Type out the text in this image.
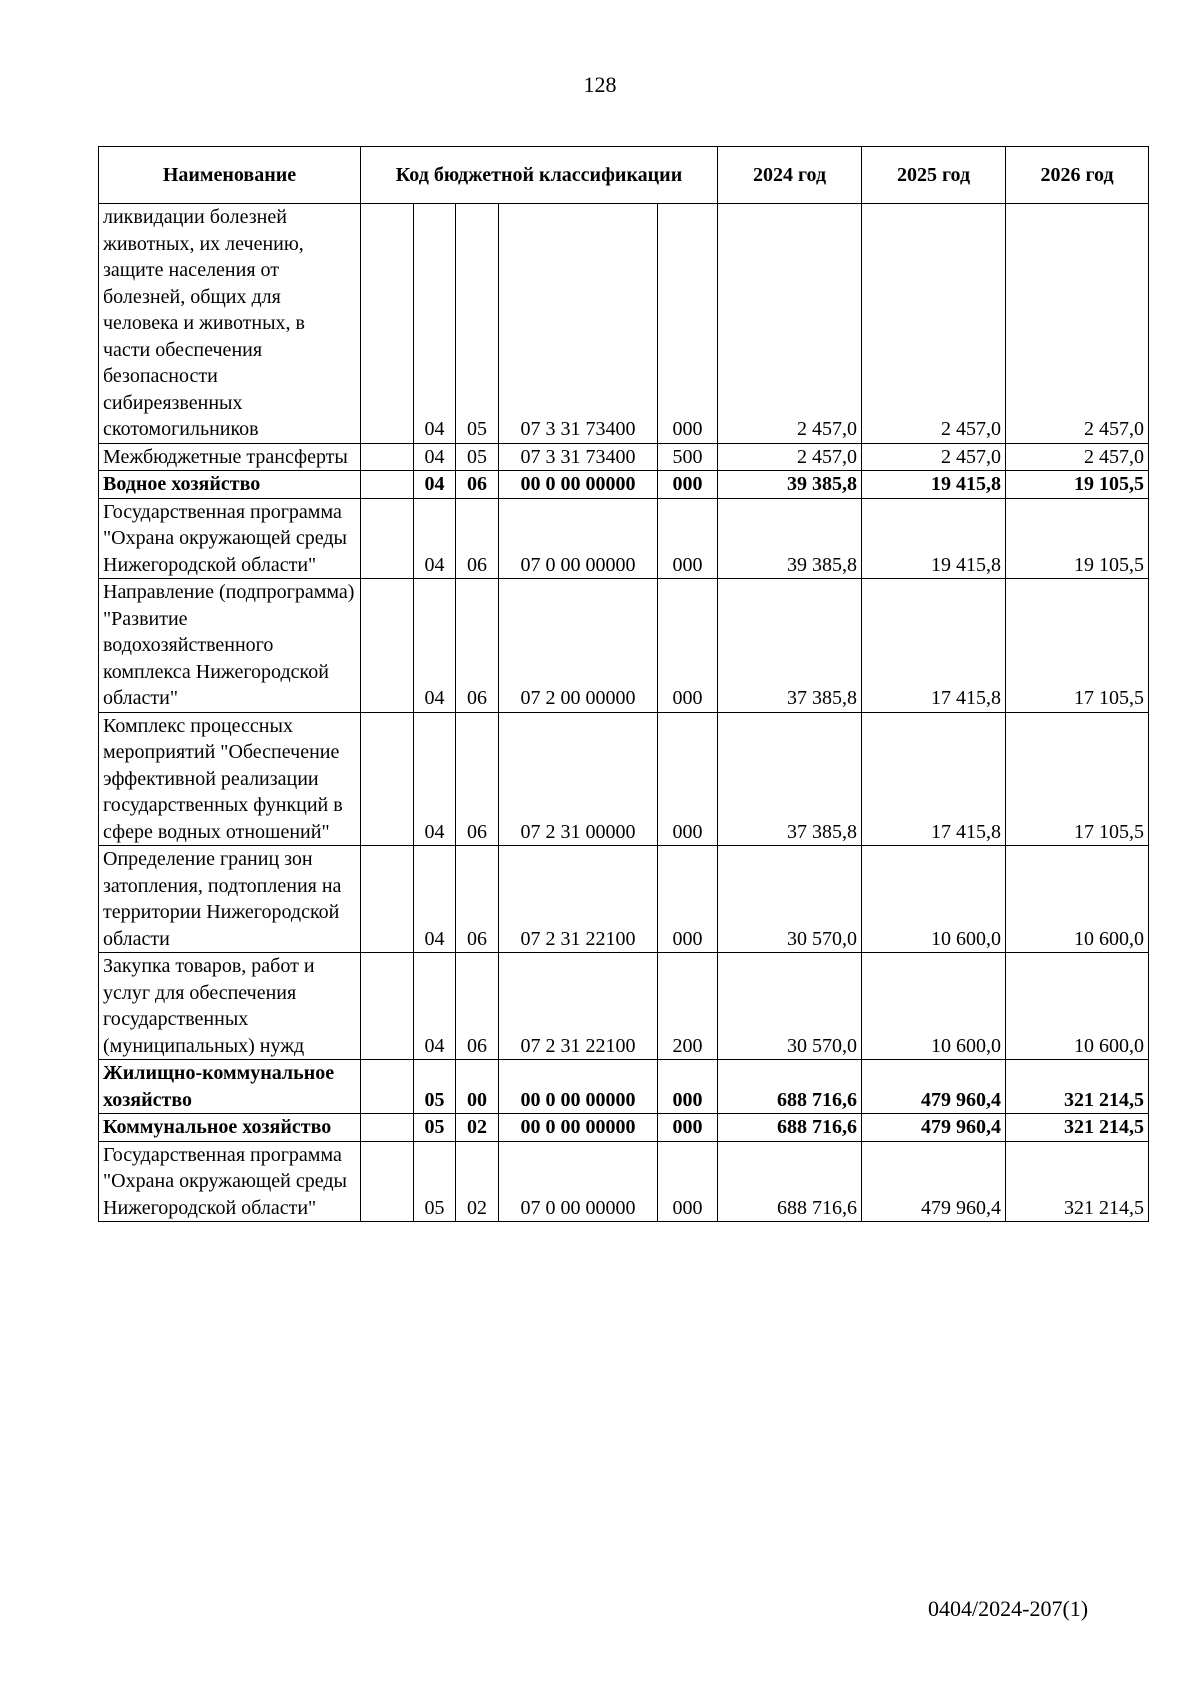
128
Наименование	Код бюджетной классификации					2024 год	2025 год	2026 год
ликвидации болезней животных, их лечению, защите населения от болезней, общих для человека и животных, в части обеспечения безопасности сибиреязвенных скотомогильников		04	05	07 3 31 73400	000	2 457,0	2 457,0	2 457,0
Межбюджетные трансферты		04	05	07 3 31 73400	500	2 457,0	2 457,0	2 457,0
Водное хозяйство		04	06	00 0 00 00000	000	39 385,8	19 415,8	19 105,5
Государственная программа "Охрана окружающей среды Нижегородской области"		04	06	07 0 00 00000	000	39 385,8	19 415,8	19 105,5
Направление (подпрограмма) "Развитие водохозяйственного комплекса Нижегородской области"		04	06	07 2 00 00000	000	37 385,8	17 415,8	17 105,5
Комплекс процессных мероприятий "Обеспечение эффективной реализации государственных функций в сфере водных отношений"		04	06	07 2 31 00000	000	37 385,8	17 415,8	17 105,5
Определение границ зон затопления, подтопления на территории Нижегородской области		04	06	07 2 31 22100	000	30 570,0	10 600,0	10 600,0
Закупка товаров, работ и услуг для обеспечения государственных (муниципальных) нужд		04	06	07 2 31 22100	200	30 570,0	10 600,0	10 600,0
Жилищно-коммунальное хозяйство		05	00	00 0 00 00000	000	688 716,6	479 960,4	321 214,5
Коммунальное хозяйство		05	02	00 0 00 00000	000	688 716,6	479 960,4	321 214,5
Государственная программа "Охрана окружающей среды Нижегородской области"		05	02	07 0 00 00000	000	688 716,6	479 960,4	321 214,5
0404/2024-207(1)
